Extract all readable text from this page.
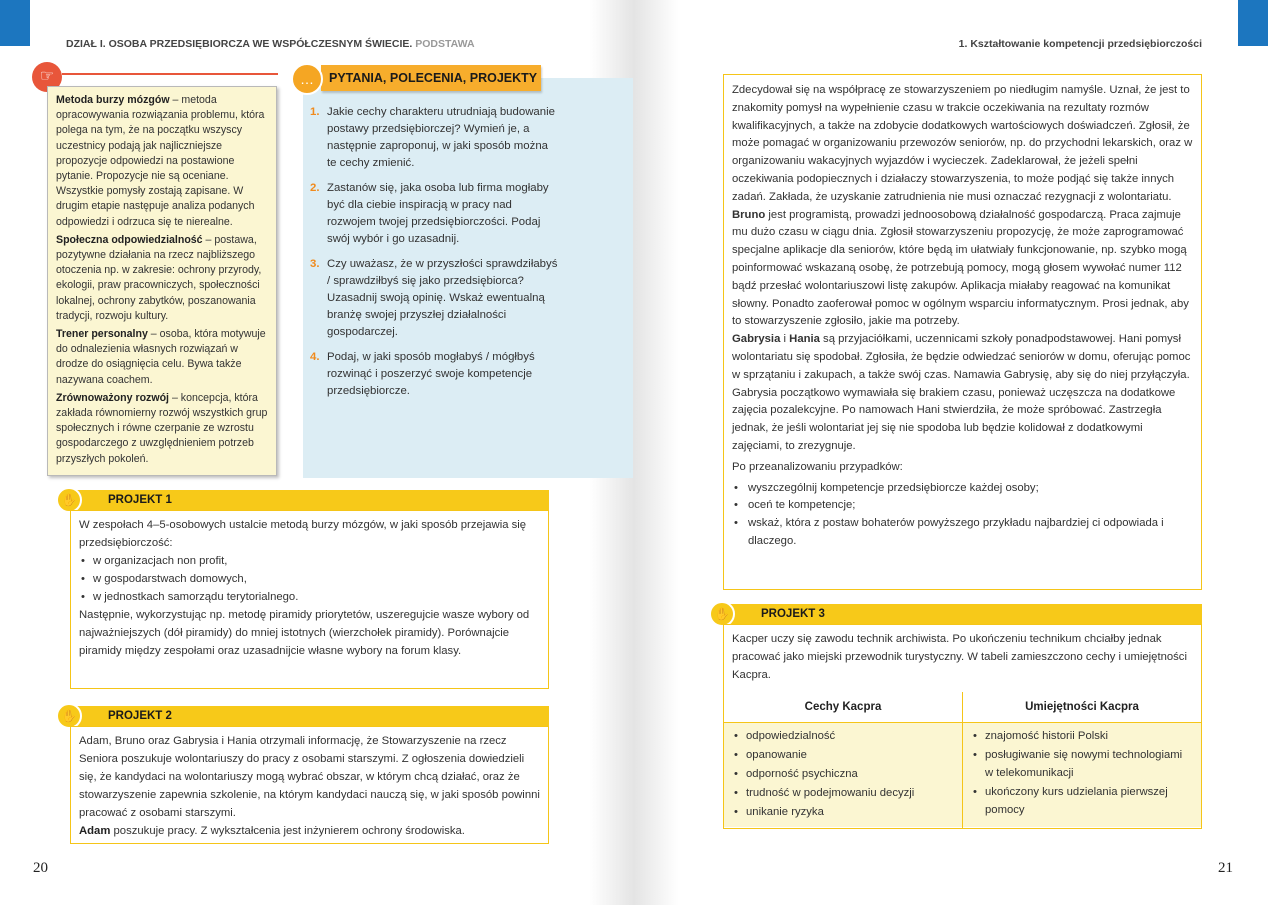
DZIAŁ I. OSOBA PRZEDSIĘBIORCZA WE WSPÓŁCZESNYM ŚWIECIE. PODSTAWA
☞

Metoda burzy mózgów – metoda opracowywania rozwiązania problemu, która polega na tym, że na początku wszyscy uczestnicy podają jak najliczniejsze propozycje odpowiedzi na postawione pytanie. Propozycje nie są oceniane. Wszystkie pomysły zostają zapisane. W drugim etapie następuje analiza podanych odpowiedzi i odrzuca się te nierealne.

Społeczna odpowiedzialność – postawa, pozytywne działania na rzecz najbliższego otoczenia np. w zakresie: ochrony przyrody, ekologii, praw pracowniczych, społeczności lokalnej, ochrony zabytków, poszanowania tradycji, rozwoju kultury.

Trener personalny – osoba, która motywuje do odnalezienia własnych rozwiązań w drodze do osiągnięcia celu. Bywa także nazywana coachem.

Zrównoważony rozwój – koncepcja, która zakłada równomierny rozwój wszystkich grup społecznych i równe czerpanie ze wzrostu gospodarczego z uwzględnieniem potrzeb przyszłych pokoleń.

PYTANIA, POLECENIA, PROJEKTY
…
1. Jakie cechy charakteru utrudniają budowanie postawy przedsiębiorczej? Wymień je, a następnie zaproponuj, w jaki sposób można te cechy zmienić.
2. Zastanów się, jaka osoba lub firma mogłaby być dla ciebie inspiracją w pracy nad rozwojem twojej przedsiębiorczości. Podaj swój wybór i go uzasadnij.
3. Czy uważasz, że w przyszłości sprawdziłabyś / sprawdziłbyś się jako przedsiębiorca? Uzasadnij swoją opinię. Wskaż ewentualną branżę swojej przyszłej działalności gospodarczej.
4. Podaj, w jaki sposób mogłabyś / mógłbyś rozwinąć i poszerzyć swoje kompetencje przedsiębiorcze.
PROJEKT 1
✋

W zespołach 4–5-osobowych ustalcie metodą burzy mózgów, w jaki sposób przejawia się przedsiębiorczość:

• w organizacjach non profit,
• w gospodarstwach domowych,
• w jednostkach samorządu terytorialnego.

Następnie, wykorzystując np. metodę piramidy priorytetów, uszeregujcie wasze wybory od najważniejszych (dół piramidy) do mniej istotnych (wierzchołek piramidy). Porównajcie piramidy między zespołami oraz uzasadnijcie własne wybory na forum klasy.

PROJEKT 2
✋

Adam, Bruno oraz Gabrysia i Hania otrzymali informację, że Stowarzyszenie na rzecz Seniora poszukuje wolontariuszy do pracy z osobami starszymi. Z ogłoszenia dowiedzieli się, że kandydaci na wolontariuszy mogą wybrać obszar, w którym chcą działać, oraz że stowarzyszenie zapewnia szkolenie, na którym kandydaci nauczą się, w jaki sposób powinni pracować z osobami starszymi.

Adam poszukuje pracy. Z wykształcenia jest inżynierem ochrony środowiska.

20
1. Kształtowanie kompetencji przedsiębiorczości
21

Zdecydował się na współpracę ze stowarzyszeniem po niedługim namyśle. Uznał, że jest to znakomity pomysł na wypełnienie czasu w trakcie oczekiwania na rezultaty rozmów kwalifikacyjnych, a także na zdobycie dodatkowych wartościowych doświadczeń. Zgłosił, że może pomagać w organizowaniu przewozów seniorów, np. do przychodni lekarskich, oraz w organizowaniu wakacyjnych wyjazdów i wycieczek. Zadeklarował, że jeżeli spełni oczekiwania podopiecznych i działaczy stowarzyszenia, to może podjąć się także innych zadań. Zakłada, że uzyskanie zatrudnienia nie musi oznaczać rezygnacji z wolontariatu.

Bruno jest programistą, prowadzi jednoosobową działalność gospodarczą. Praca zajmuje mu dużo czasu w ciągu dnia. Zgłosił stowarzyszeniu propozycję, że może zaprogramować specjalne aplikacje dla seniorów, które będą im ułatwiały funkcjonowanie, np. szybko mogą poinformować wskazaną osobę, że potrzebują pomocy, mogą głosem wywołać numer 112 bądź przesłać wolontariuszowi listę zakupów. Aplikacja miałaby reagować na komunikat słowny. Ponadto zaoferował pomoc w ogólnym wsparciu informatycznym. Prosi jednak, aby to stowarzyszenie zgłosiło, jakie ma potrzeby.

Gabrysia i Hania są przyjaciółkami, uczennicami szkoły ponadpodstawowej. Hani pomysł wolontariatu się spodobał. Zgłosiła, że będzie odwiedzać seniorów w domu, oferując pomoc w sprzątaniu i zakupach, a także swój czas. Namawia Gabrysię, aby się do niej przyłączyła. Gabrysia początkowo wymawiała się brakiem czasu, ponieważ uczęszcza na dodatkowe zajęcia pozalekcyjne. Po namowach Hani stwierdziła, że może spróbować. Zastrzegła jednak, że jeśli wolontariat jej się nie spodoba lub będzie kolidował z dodatkowymi zajęciami, to zrezygnuje.

Po przeanalizowaniu przypadków:

• wyszczególnij kompetencje przedsiębiorcze każdej osoby;
• oceń te kompetencje;
• wskaż, która z postaw bohaterów powyższego przykładu najbardziej ci odpowiada i dlaczego.
PROJEKT 3
✋

Kacper uczy się zawodu technik archiwista. Po ukończeniu technikum chciałby jednak pracować jako miejski przewodnik turystyczny. W tabeli zamieszczono cechy i umiejętności Kacpra.

Cechy Kacpra
• odpowiedzialność
• opanowanie
• odporność psychiczna
• trudność w podejmowaniu decyzji
• unikanie ryzyka
Umiejętności Kacpra
• znajomość historii Polski
• posługiwanie się nowymi technologiami w telekomunikacji
• ukończony kurs udzielania pierwszej pomocy
